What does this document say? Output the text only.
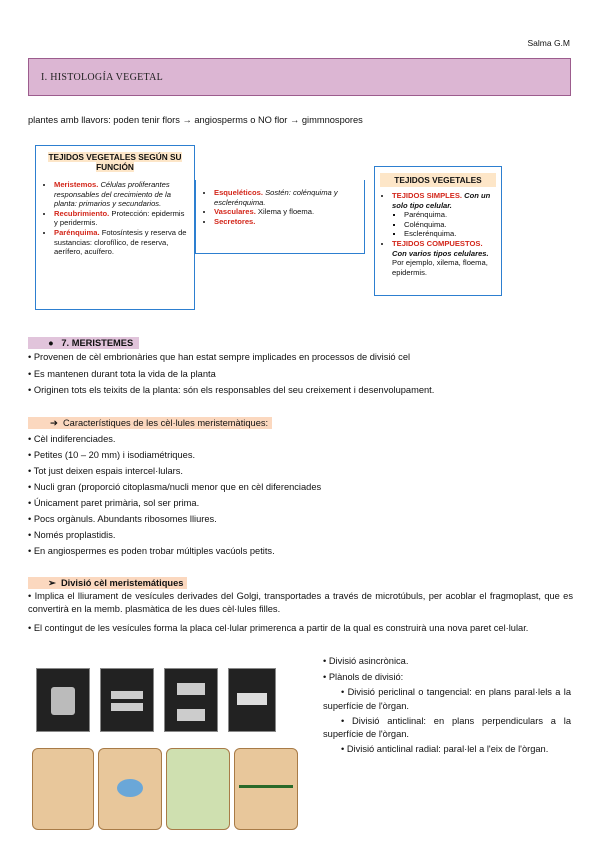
Salma G.M
I. HISTOLOGÍA VEGETAL
plantes amb llavors: poden tenir flors → angiosperms o NO flor → gimmnospores
TEJIDOS VEGETALES SEGÚN SU FUNCIÓN
• Meristemos. Células proliferantes responsables del crecimiento de la planta: primarios y secundarios.
• Recubrimiento. Protección: epidermis y peridermis.
• Parénquima. Fotosíntesis y reserva de sustancias: clorofílico, de reserva, aerífero, acuífero.
• Esqueléticos. Sostén: colénquima y esclerénquima.
• Vasculares. Xilema y floema.
• Secretores.
TEJIDOS VEGETALES
• TEJIDOS SIMPLES. Con un solo tipo celular.
▪ Parénquima.
▪ Colénquima.
▪ Esclerénquima.
• TEJIDOS COMPUESTOS. Con varios tipos celulares. Por ejemplo, xilema, floema, epidermis.
●   7. MERISTEMES
• Provenen de cèl embrionàries que han estat sempre implicades en processos de divisió cel
• Es mantenen durant tota la vida de la planta
• Originen tots els teixits de la planta: són els responsables del seu creixement i desenvolupament.
➔ Característiques de les cèl·lules meristemàtiques:
• Cèl indiferenciades.
• Petites (10 – 20 mm) i isodiamétriques.
• Tot just deixen espais intercel·lulars.
• Nucli gran (proporció citoplasma/nucli menor que en cèl diferenciades
• Únicament paret primària, sol ser prima.
• Pocs orgànuls. Abundants ribosomes lliures.
• Només proplastidis.
• En angiospermes es poden trobar múltiples vacúols petits.
➢ Divisió cèl meristemátiques
• Implica el lliurament de vesícules derivades del Golgi, transportades a través de microtúbuls, per acoblar el fragmoplast, que es convertirà en la memb. plasmàtica de les dues cèl·lules filles.
• El contingut de les vesícules forma la placa cel·lular primerenca a partir de la qual es construirà una nova paret cel·lular.
• Divisió asincrònica.
• Plànols de divisió:
• Divisió periclinal o tangencial: en plans paral·lels a la superfície de l'òrgan.
• Divisió anticlinal: en plans perpendiculars a la superfície de l'òrgan.
• Divisió anticlinal radial: paral·lel a l'eix de l'òrgan.
